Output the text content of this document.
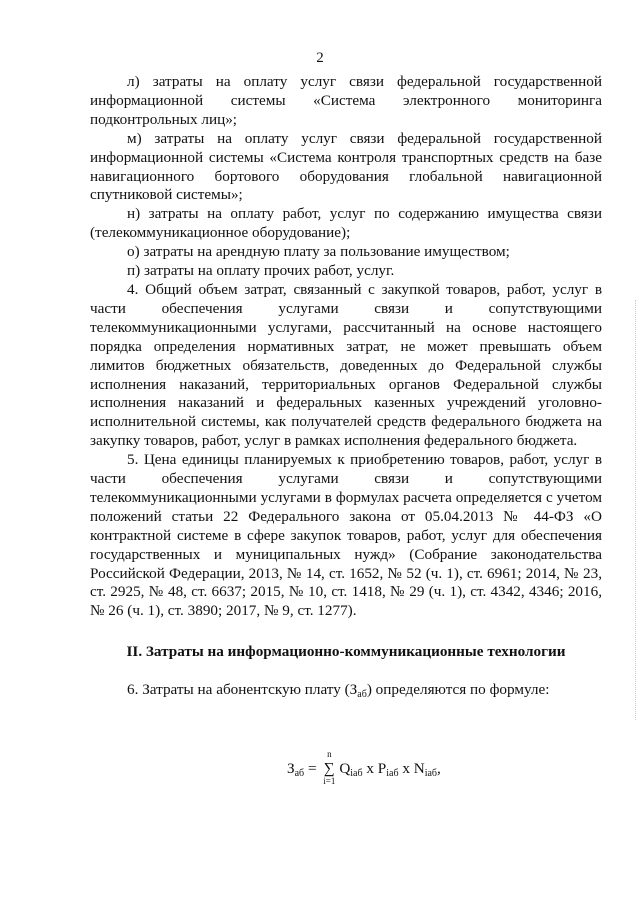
2

л) затраты на оплату услуг связи федеральной государственной информационной системы «Система электронного мониторинга подконтрольных лиц»;

м) затраты на оплату услуг связи федеральной государственной информационной системы «Система контроля транспортных средств на базе навигационного бортового оборудования глобальной навигационной спутниковой системы»;

н) затраты на оплату работ, услуг по содержанию имущества связи (телекоммуникационное оборудование);

о) затраты на арендную плату за пользование имуществом;

п) затраты на оплату прочих работ, услуг.

4. Общий объем затрат, связанный с закупкой товаров, работ, услуг в части обеспечения услугами связи и сопутствующими телекоммуникационными услугами, рассчитанный на основе настоящего порядка определения нормативных затрат, не может превышать объем лимитов бюджетных обязательств, доведенных до Федеральной службы исполнения наказаний, территориальных органов Федеральной службы исполнения наказаний и федеральных казенных учреждений уголовно-исполнительной системы, как получателей средств федерального бюджета на закупку товаров, работ, услуг в рамках исполнения федерального бюджета.

5. Цена единицы планируемых к приобретению товаров, работ, услуг в части обеспечения услугами связи и сопутствующими телекоммуникационными услугами в формулах расчета определяется с учетом положений статьи 22 Федерального закона от 05.04.2013 № 44-ФЗ «О контрактной системе в сфере закупок товаров, работ, услуг для обеспечения государственных и муниципальных нужд» (Собрание законодательства Российской Федерации, 2013, № 14, ст. 1652, № 52 (ч. 1), ст. 6961; 2014, № 23, ст. 2925, № 48, ст. 6637; 2015, № 10, ст. 1418, № 29 (ч. 1), ст. 4342, 4346; 2016, № 26 (ч. 1), ст. 3890; 2017, № 9, ст. 1277).

II. Затраты на информационно-коммуникационные технологии
6. Затраты на абонентскую плату (Заб) определяются по формуле:
Заб =
n
∑
i=1
Qiаб x Piаб x Niаб,
